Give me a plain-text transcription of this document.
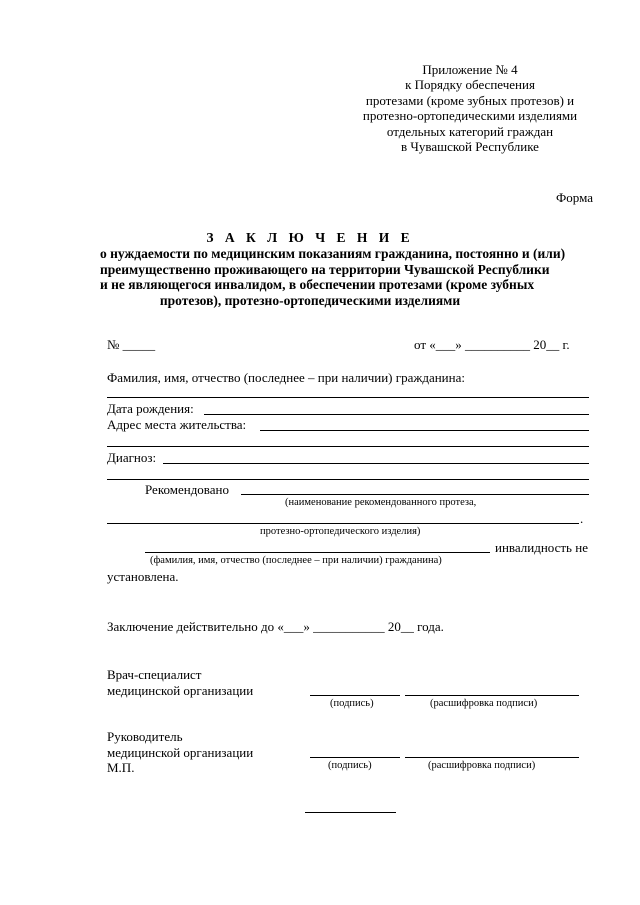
Приложение № 4
к Порядку обеспечения
протезами (кроме зубных протезов) и
протезно-ортопедическими изделиями
отдельных категорий граждан
в Чувашской Республике
Форма
З А К Л Ю Ч Е Н И Е
о нуждаемости по медицинским показаниям гражданина, постоянно и (или)
преимущественно проживающего на территории Чувашской Республики
и не являющегося инвалидом, в обеспечении протезами (кроме зубных
протезов), протезно-ортопедическими изделиями
№ _____	от «___» __________ 20__ г.
Фамилия, имя, отчество (последнее – при наличии) гражданина:
Дата рождения:
Адрес места жительства:
Диагноз:
Рекомендовано
(наименование рекомендованного протеза,
.
протезно-ортопедического изделия)
инвалидность не
(фамилия, имя, отчество (последнее – при наличии) гражданина)
установлена.
Заключение действительно до «___» ___________ 20__ года.
Врач-специалист
медицинской организации
(подпись)	(расшифровка подписи)
Руководитель
медицинской организации
М.П.	(подпись)	(расшифровка подписи)
